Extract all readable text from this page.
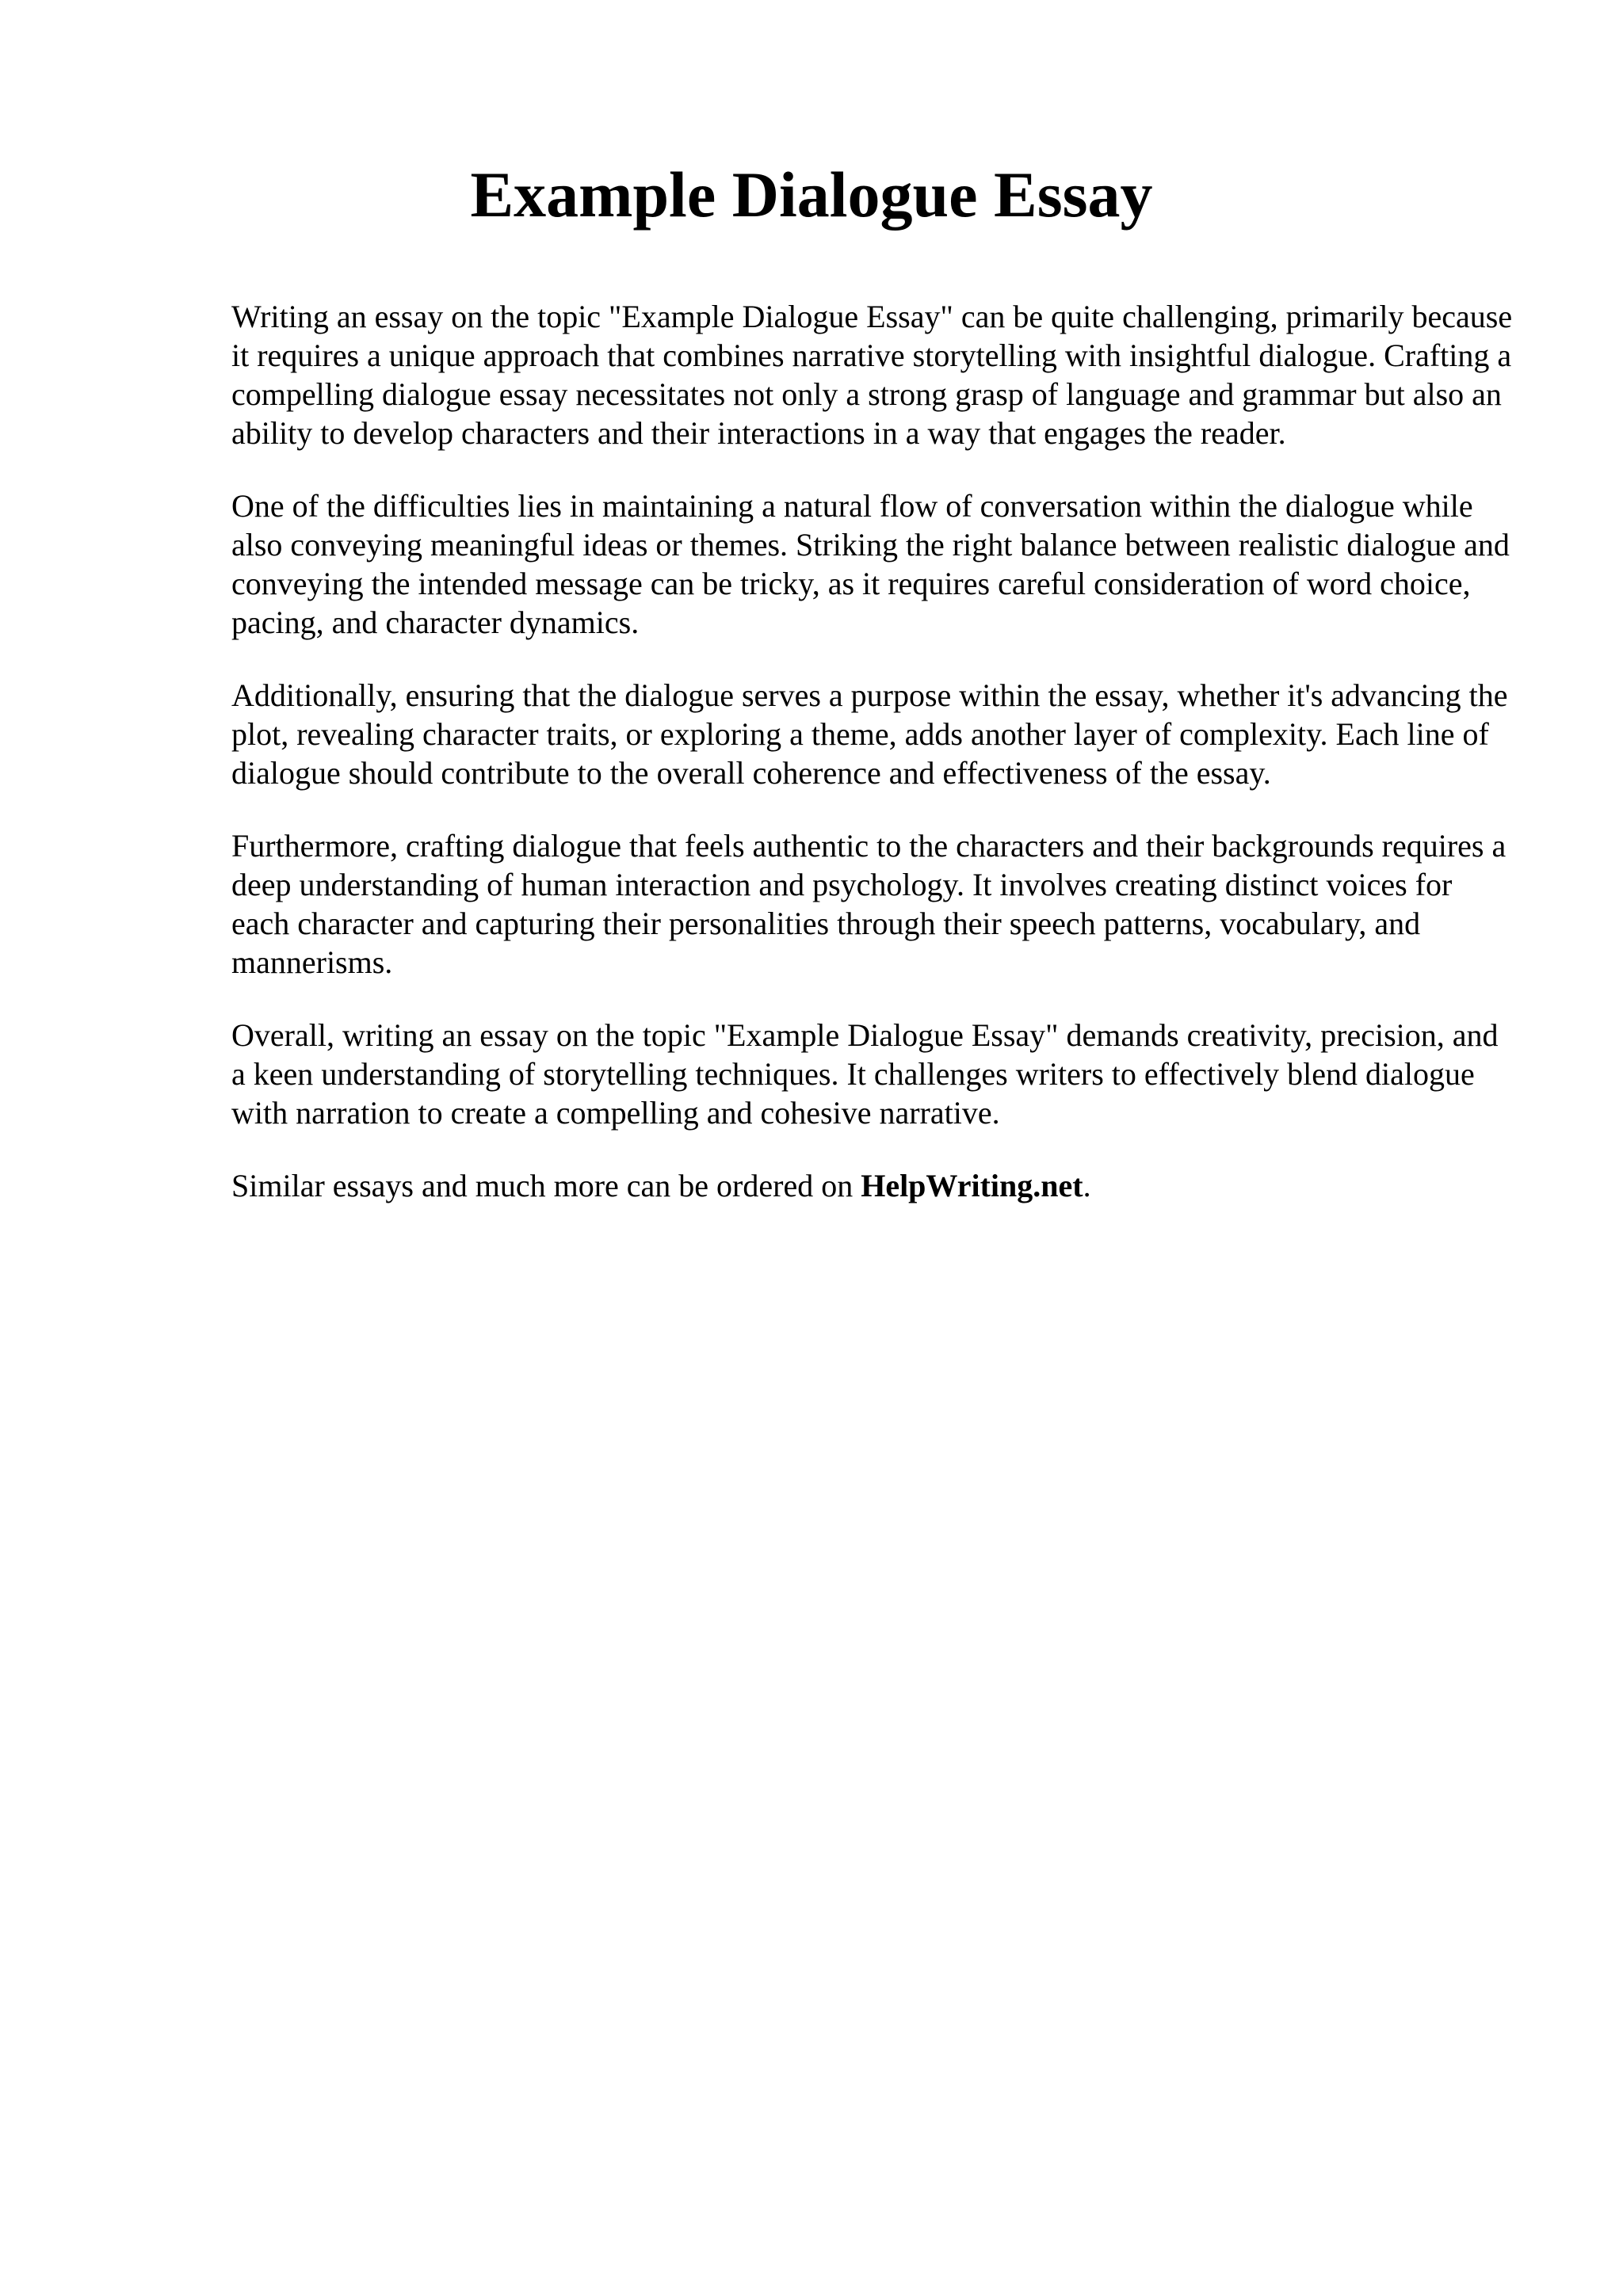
Example Dialogue Essay

Writing an essay on the topic "Example Dialogue Essay" can be quite challenging, primarily because it requires a unique approach that combines narrative storytelling with insightful dialogue. Crafting a compelling dialogue essay necessitates not only a strong grasp of language and grammar but also an ability to develop characters and their interactions in a way that engages the reader.

One of the difficulties lies in maintaining a natural flow of conversation within the dialogue while also conveying meaningful ideas or themes. Striking the right balance between realistic dialogue and conveying the intended message can be tricky, as it requires careful consideration of word choice, pacing, and character dynamics.

Additionally, ensuring that the dialogue serves a purpose within the essay, whether it's advancing the plot, revealing character traits, or exploring a theme, adds another layer of complexity. Each line of dialogue should contribute to the overall coherence and effectiveness of the essay.

Furthermore, crafting dialogue that feels authentic to the characters and their backgrounds requires a deep understanding of human interaction and psychology. It involves creating distinct voices for each character and capturing their personalities through their speech patterns, vocabulary, and mannerisms.

Overall, writing an essay on the topic "Example Dialogue Essay" demands creativity, precision, and a keen understanding of storytelling techniques. It challenges writers to effectively blend dialogue with narration to create a compelling and cohesive narrative.

Similar essays and much more can be ordered on HelpWriting.net.
